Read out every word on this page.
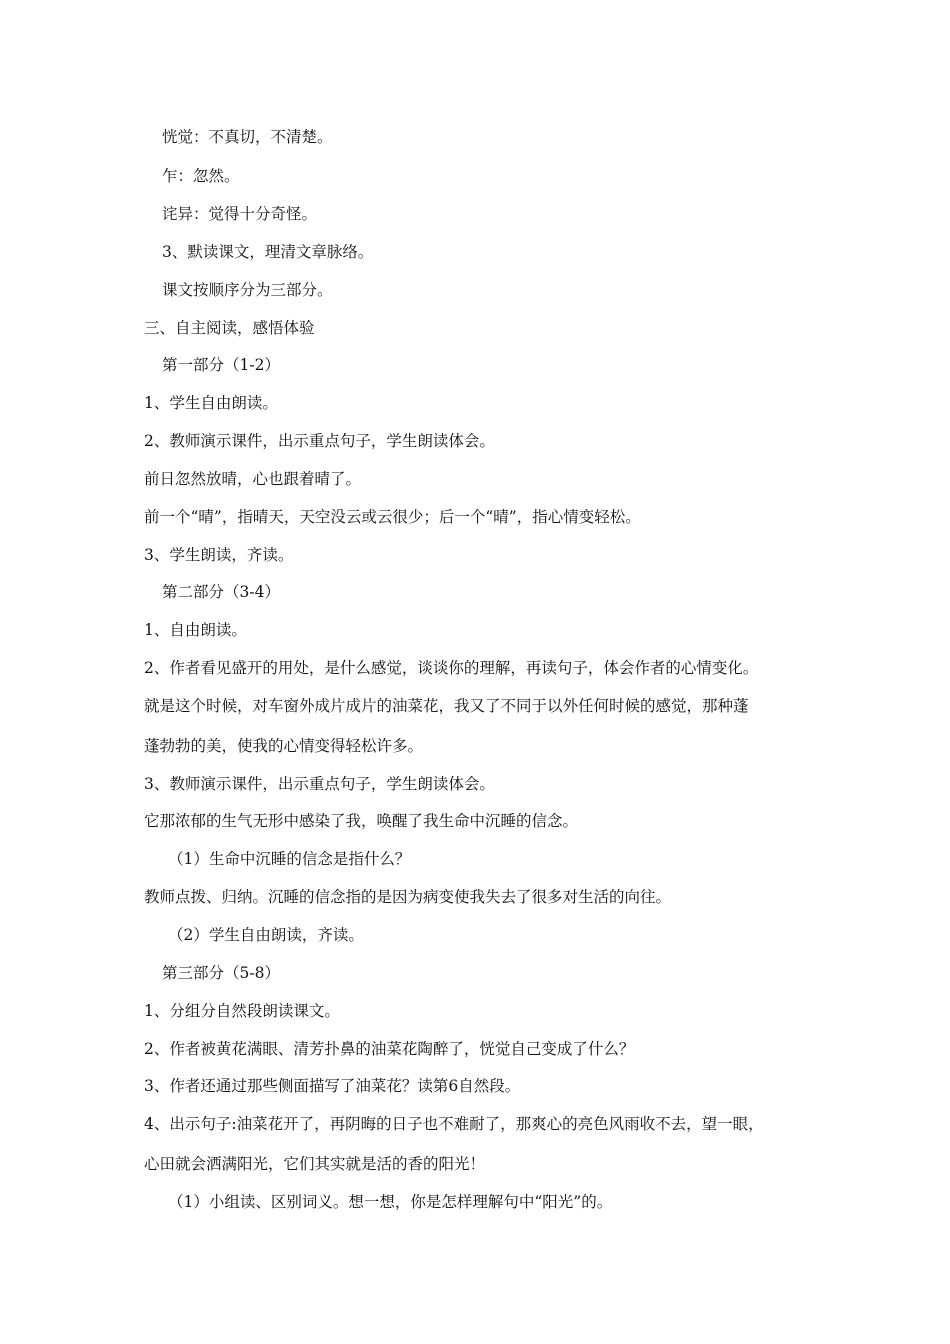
恍觉：不真切，不清楚。
乍：忽然。
诧异：觉得十分奇怪。
3、默读课文，理清文章脉络。
课文按顺序分为三部分。
三、自主阅读，感悟体验
第一部分（1-2）
1、学生自由朗读。
2、教师演示课件，出示重点句子，学生朗读体会。
前日忽然放晴，心也跟着晴了。
前一个“晴”，指晴天，天空没云或云很少；后一个“晴”，指心情变轻松。
3、学生朗读，齐读。
第二部分（3-4）
1、自由朗读。
2、作者看见盛开的用处，是什么感觉，谈谈你的理解，再读句子，体会作者的心情变化。
就是这个时候，对车窗外成片成片的油菜花，我又了不同于以外任何时候的感觉，那种蓬
蓬勃勃的美，使我的心情变得轻松许多。
3、教师演示课件，出示重点句子，学生朗读体会。
它那浓郁的生气无形中感染了我，唤醒了我生命中沉睡的信念。
（1）生命中沉睡的信念是指什么？
教师点拨、归纳。沉睡的信念指的是因为病变使我失去了很多对生活的向往。
（2）学生自由朗读，齐读。
第三部分（5-8）
1、分组分自然段朗读课文。
2、作者被黄花满眼、清芳扑鼻的油菜花陶醉了，恍觉自己变成了什么？
3、作者还通过那些侧面描写了油菜花？读第6自然段。
4、出示句子:油菜花开了，再阴晦的日子也不难耐了，那爽心的亮色风雨收不去，望一眼，
心田就会洒满阳光，它们其实就是活的香的阳光！
（1）小组读、区别词义。想一想，你是怎样理解句中“阳光”的。
